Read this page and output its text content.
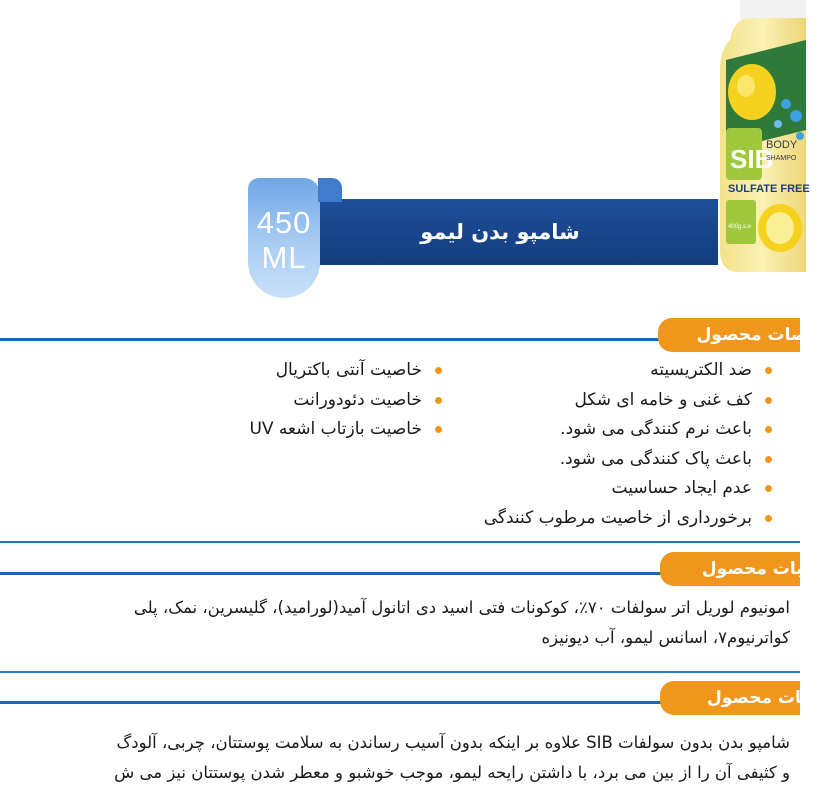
SIB
BODY
SHAMPO
SULFATE FREE
400g.s.e
شامپو بدن لیمو
450
ML
خصات محصول
ضد الکتریسیته
کف غنی و خامه ای شکل
باعث نرم کنندگی می شود.
باعث پاک کنندگی می شود.
عدم ایجاد حساسیت
برخورداری از خاصیت مرطوب کنندگی
خاصیت آنتی باکتریال
خاصیت دئودورانت
خاصیت بازتاب اشعه UV
کیبات محصول
امونیوم لوریل اتر سولفات ۷۰٪، کوکونات فتی اسید دی اتانول آمید(لورامید)، گلیسرین، نمک، پلی
کواترنیوم۷، اسانس لیمو، آب دیونیزه
یحات محصول
شامپو بدن بدون سولفات SIB علاوه بر اینکه بدون آسیب رساندن به سلامت پوستتان، چربی، آلودگ
و کثیفی آن را از بین می برد، با داشتن رایحه لیمو، موجب خوشبو و معطر شدن پوستتان نیز می ش
